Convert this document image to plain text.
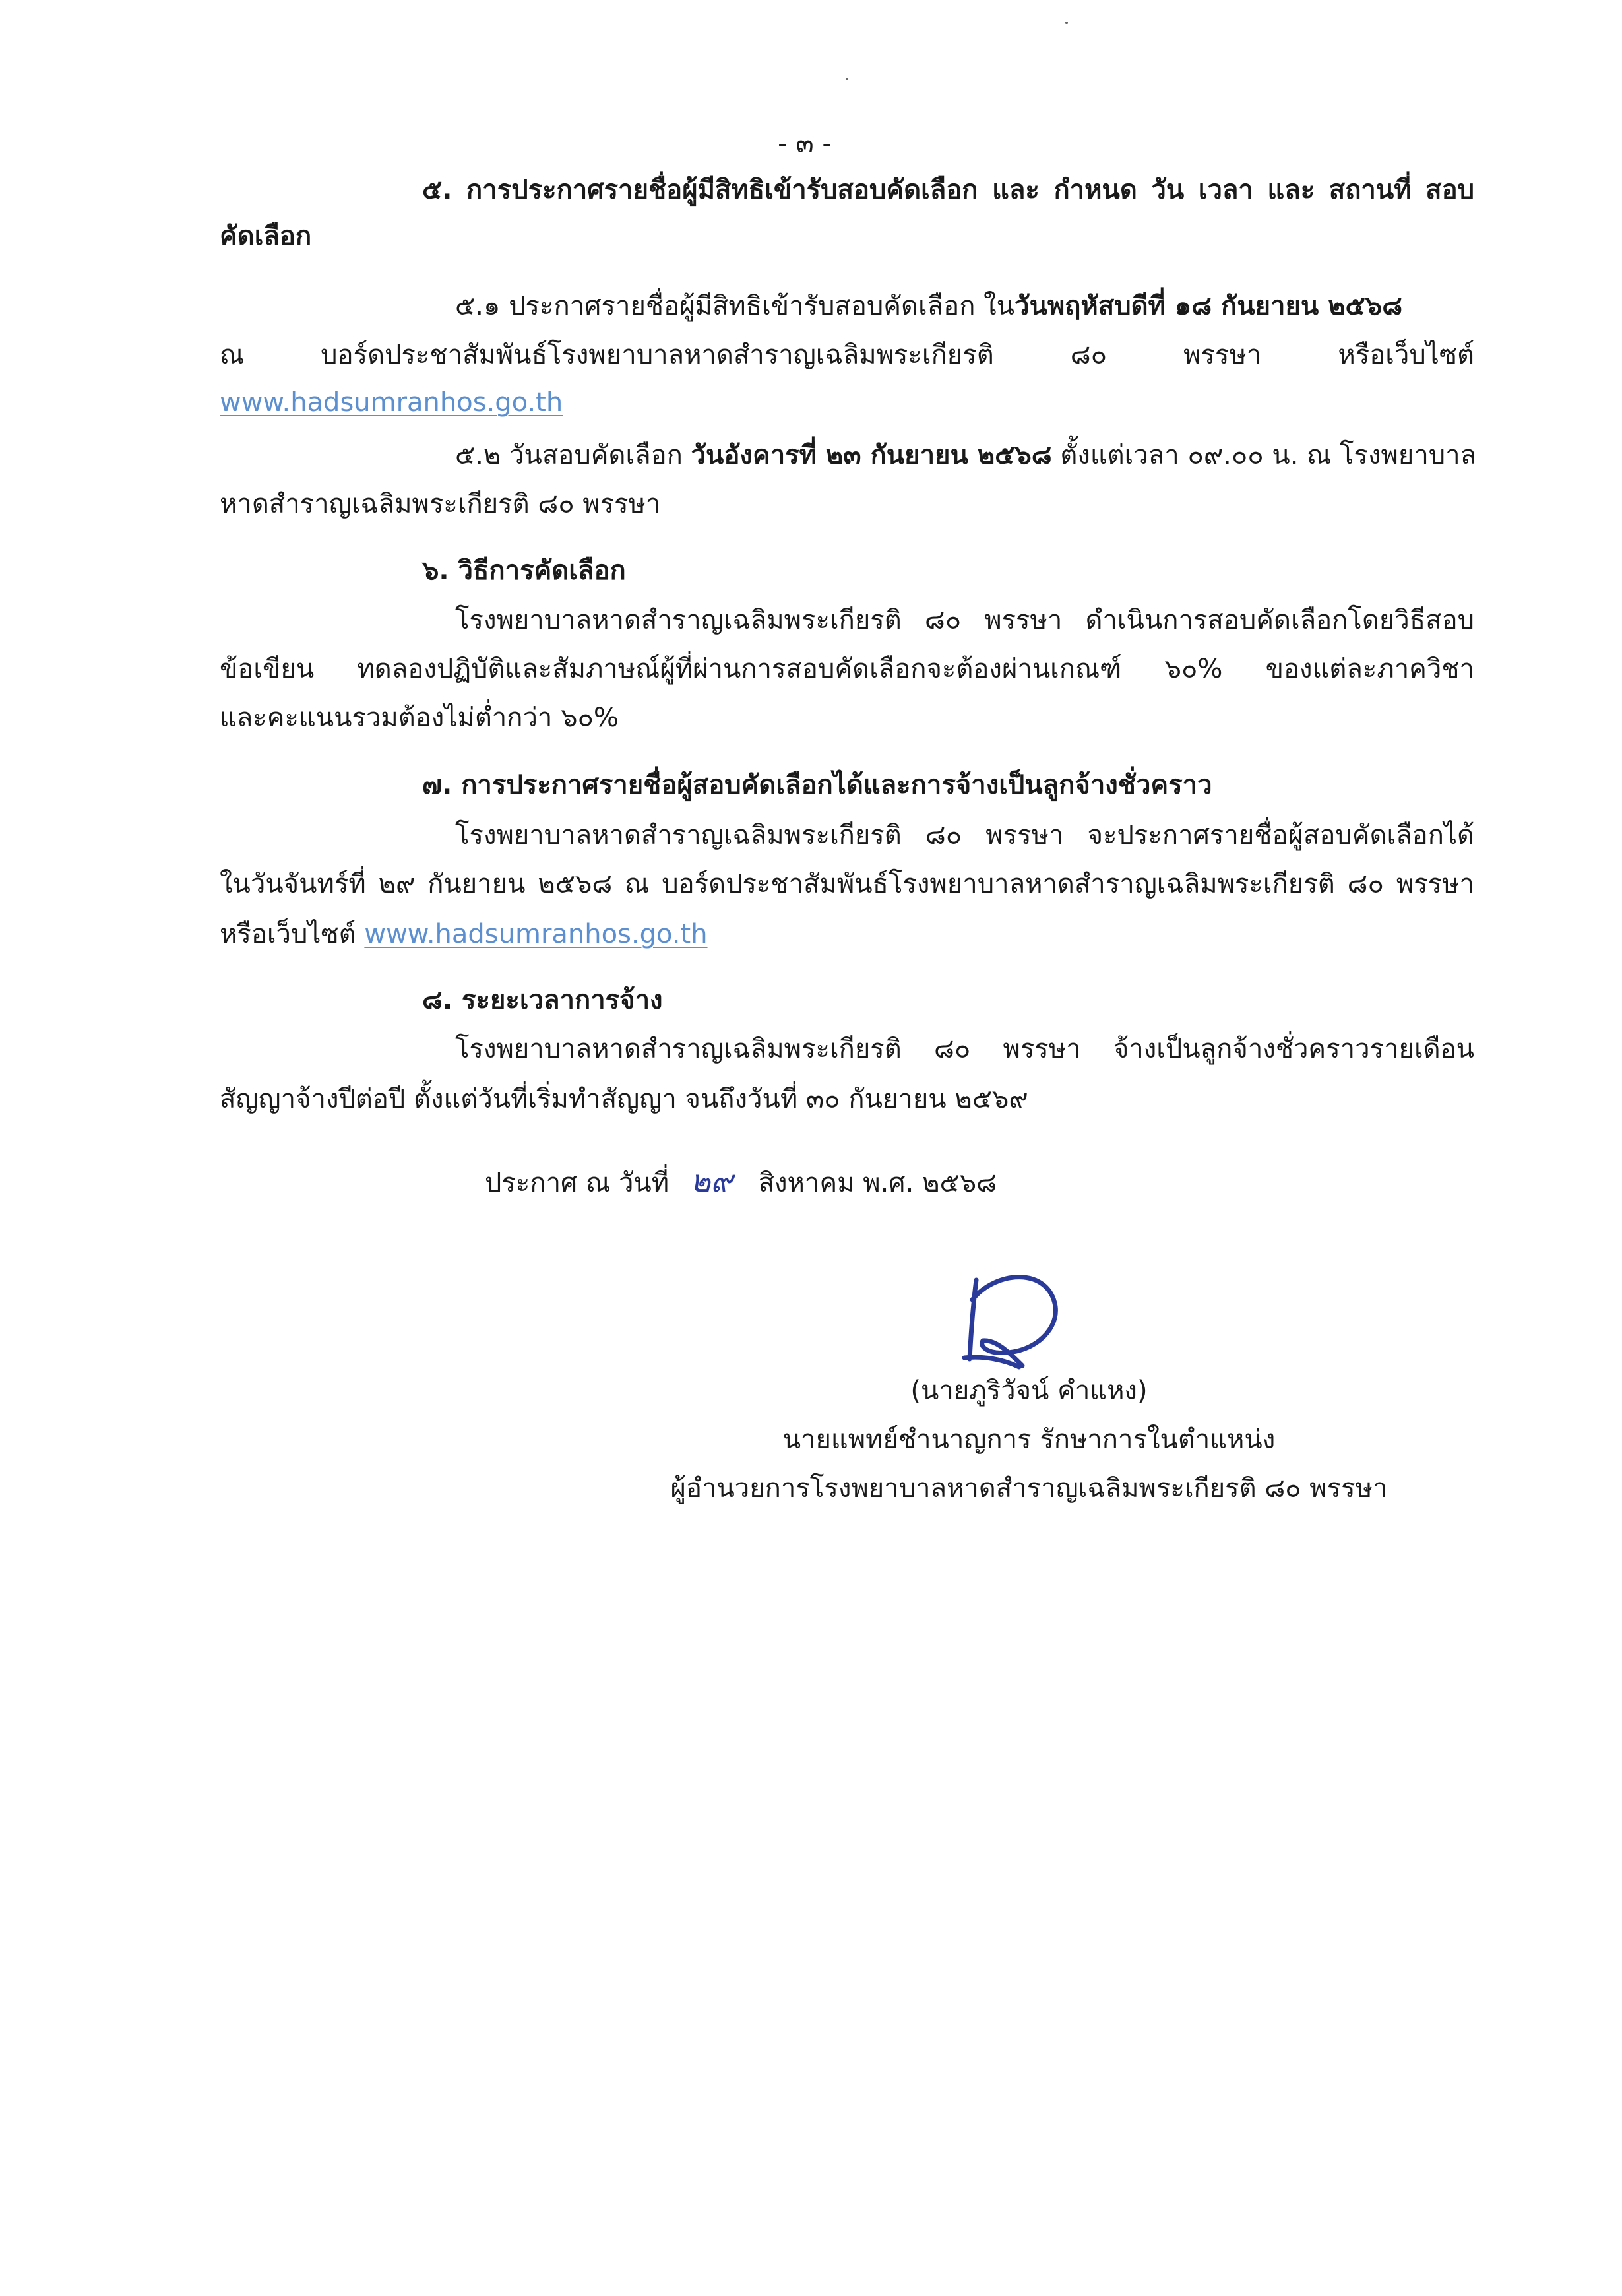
- ๓ -
๕. การประกาศรายชื่อผู้มีสิทธิเข้ารับสอบคัดเลือก และ กำหนด วัน เวลา และ สถานที่ สอบ
คัดเลือก
๕.๑ ประกาศรายชื่อผู้มีสิทธิเข้ารับสอบคัดเลือก ในวันพฤหัสบดีที่ ๑๘ กันยายน ๒๕๖๘
ณ บอร์ดประชาสัมพันธ์โรงพยาบาลหาดสำราญเฉลิมพระเกียรติ ๘๐ พรรษา หรือเว็บไซต์
www.hadsumranhos.go.th
๕.๒ วันสอบคัดเลือก วันอังคารที่ ๒๓ กันยายน ๒๕๖๘ ตั้งแต่เวลา ๐๙.๐๐ น. ณ โรงพยาบาล
หาดสำราญเฉลิมพระเกียรติ ๘๐ พรรษา
๖. วิธีการคัดเลือก
โรงพยาบาลหาดสำราญเฉลิมพระเกียรติ ๘๐ พรรษา ดำเนินการสอบคัดเลือกโดยวิธีสอบ
ข้อเขียน ทดลองปฏิบัติและสัมภาษณ์ผู้ที่ผ่านการสอบคัดเลือกจะต้องผ่านเกณฑ์ ๖๐% ของแต่ละภาควิชา
และคะแนนรวมต้องไม่ต่ำกว่า ๖๐%
๗. การประกาศรายชื่อผู้สอบคัดเลือกได้และการจ้างเป็นลูกจ้างชั่วคราว
โรงพยาบาลหาดสำราญเฉลิมพระเกียรติ ๘๐ พรรษา จะประกาศรายชื่อผู้สอบคัดเลือกได้
ในวันจันทร์ที่ ๒๙ กันยายน ๒๕๖๘ ณ บอร์ดประชาสัมพันธ์โรงพยาบาลหาดสำราญเฉลิมพระเกียรติ ๘๐ พรรษา
หรือเว็บไซต์ www.hadsumranhos.go.th
๘. ระยะเวลาการจ้าง
โรงพยาบาลหาดสำราญเฉลิมพระเกียรติ ๘๐ พรรษา จ้างเป็นลูกจ้างชั่วคราวรายเดือน
สัญญาจ้างปีต่อปี ตั้งแต่วันที่เริ่มทำสัญญา จนถึงวันที่ ๓๐ กันยายน ๒๕๖๙
ประกาศ ณ วันที่ ๒๙ สิงหาคม พ.ศ. ๒๕๖๘
(นายภูริวัจน์ คำแหง)
นายแพทย์ชำนาญการ รักษาการในตำแหน่ง
ผู้อำนวยการโรงพยาบาลหาดสำราญเฉลิมพระเกียรติ ๘๐ พรรษา
